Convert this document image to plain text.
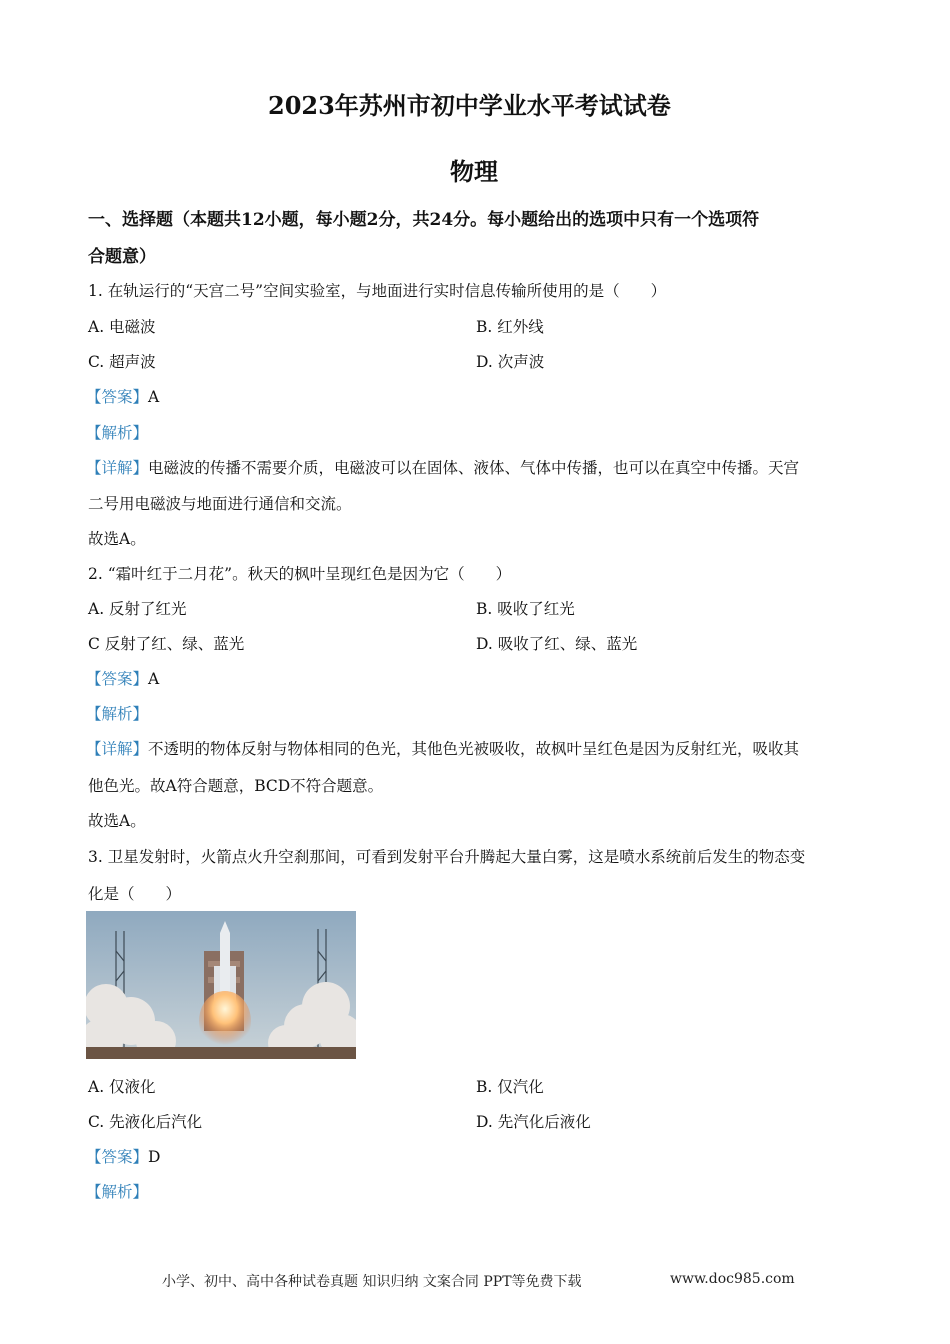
2023年苏州市初中学业水平考试试卷
物理
一、选择题（本题共12小题，每小题2分，共24分。每小题给出的选项中只有一个选项符
合题意）
1. 在轨运行的“天宫二号”空间实验室，与地面进行实时信息传输所使用的是（　　）
A. 电磁波	B. 红外线
C. 超声波	D. 次声波
【答案】A
【解析】
【详解】电磁波的传播不需要介质，电磁波可以在固体、液体、气体中传播，也可以在真空中传播。天宫
二号用电磁波与地面进行通信和交流。
故选A。
2. “霜叶红于二月花”。秋天的枫叶呈现红色是因为它（　　）
A. 反射了红光	B. 吸收了红光
C 反射了红、绿、蓝光	D. 吸收了红、绿、蓝光
【答案】A
【解析】
【详解】不透明的物体反射与物体相同的色光，其他色光被吸收，故枫叶呈红色是因为反射红光，吸收其
他色光。故A符合题意，BCD不符合题意。
故选A。
3. 卫星发射时，火箭点火升空刹那间，可看到发射平台升腾起大量白雾，这是喷水系统前后发生的物态变
化是（　　）
A. 仅液化	B. 仅汽化
C. 先液化后汽化	D. 先汽化后液化
【答案】D
【解析】
小学、初中、高中各种试卷真题 知识归纳 文案合同 PPT等免费下载	www.doc985.com
